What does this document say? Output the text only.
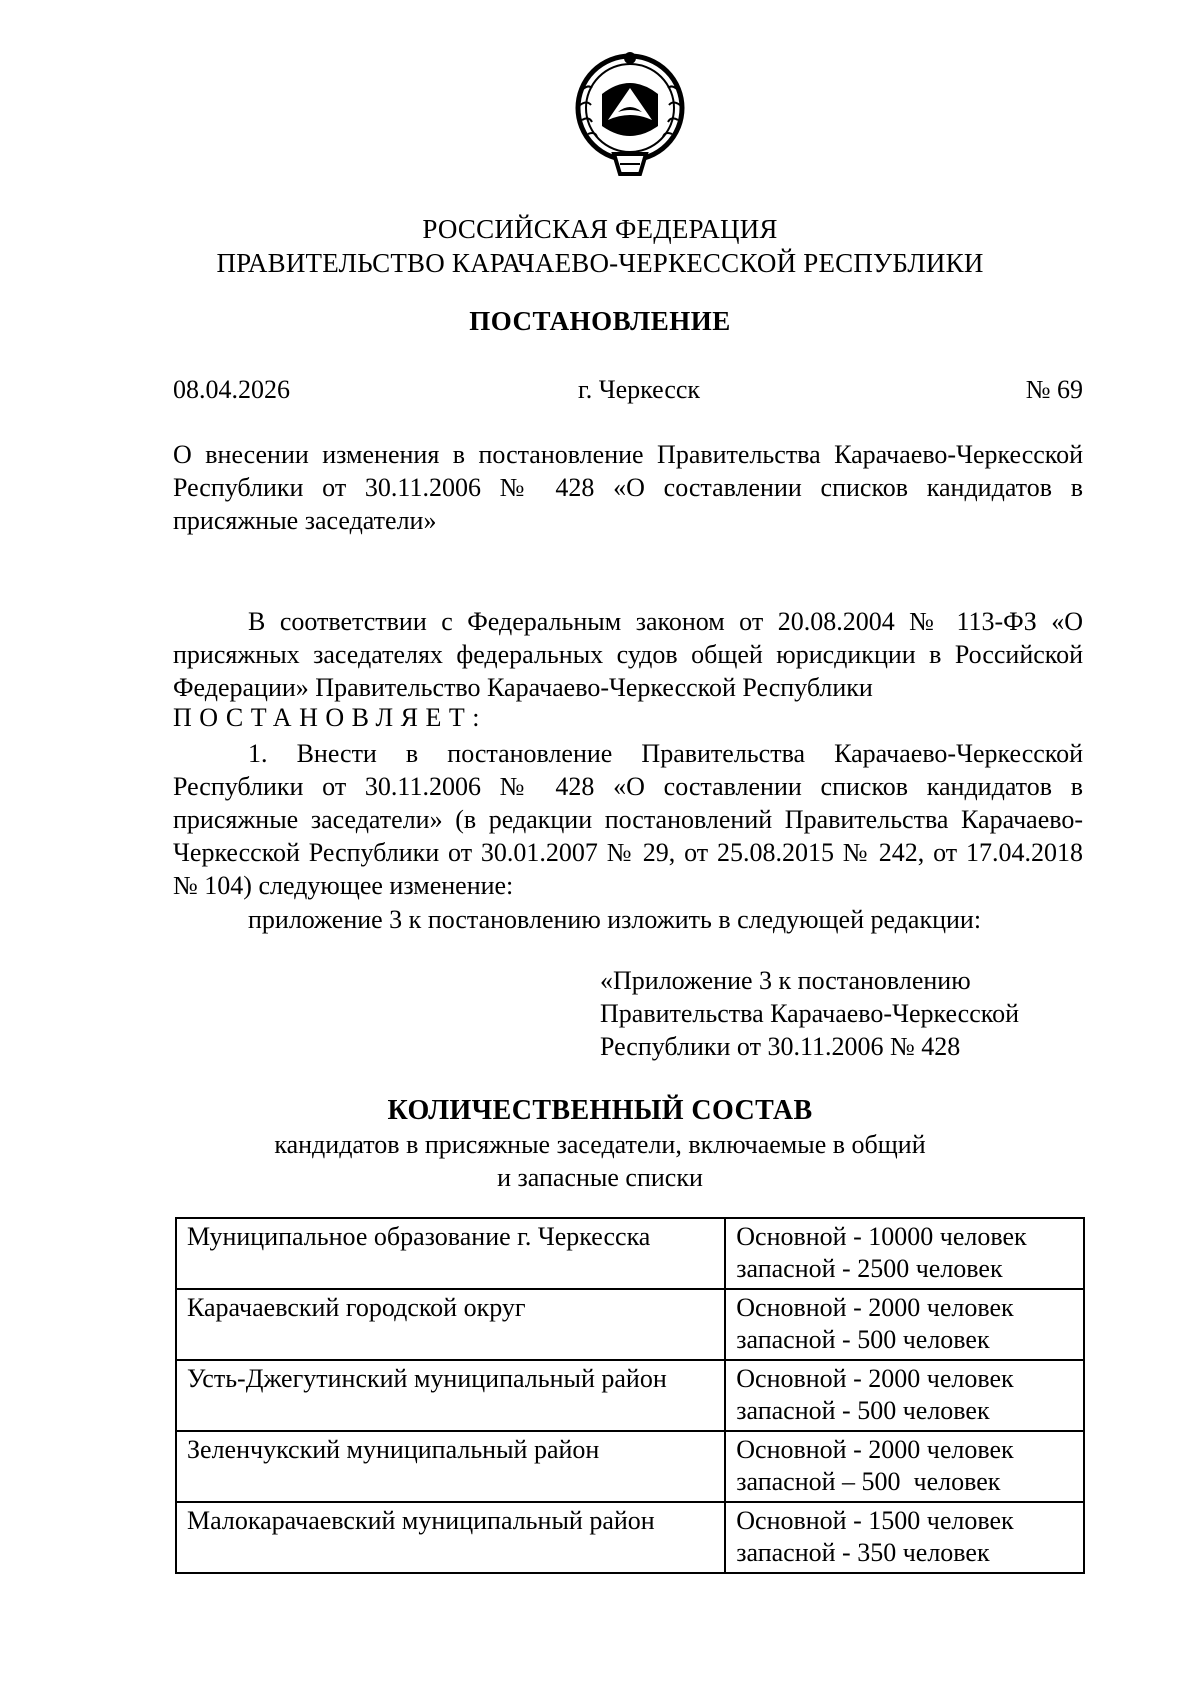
РОССИЙСКАЯ ФЕДЕРАЦИЯ
ПРАВИТЕЛЬСТВО КАРАЧАЕВО-ЧЕРКЕССКОЙ РЕСПУБЛИКИ
ПОСТАНОВЛЕНИЕ
08.04.2026	г. Черкесск	№ 69
О внесении изменения в постановление Правительства Карачаево-Черкесской Республики от 30.11.2006 № 428 «О составлении списков кандидатов в присяжные заседатели»
В соответствии с Федеральным законом от 20.08.2004 № 113-ФЗ «О присяжных заседателях федеральных судов общей юрисдикции в Российской Федерации» Правительство Карачаево-Черкесской Республики
ПОСТАНОВЛЯЕТ:
1. Внести в постановление Правительства Карачаево-Черкесской Республики от 30.11.2006 № 428 «О составлении списков кандидатов в присяжные заседатели» (в редакции постановлений Правительства Карачаево-Черкесской Республики от 30.01.2007 № 29, от 25.08.2015 № 242, от 17.04.2018 № 104) следующее изменение:
приложение 3 к постановлению изложить в следующей редакции:
«Приложение 3 к постановлению
Правительства Карачаево-Черкесской
Республики от 30.11.2006 № 428
КОЛИЧЕСТВЕННЫЙ СОСТАВ
кандидатов в присяжные заседатели, включаемые в общий
и запасные списки
Муниципальное образование г. Черкесска	Основной - 10000 человек
запасной - 2500 человек

Карачаевский городской округ	Основной - 2000 человек
запасной - 500 человек

Усть-Джегутинский муниципальный район	Основной - 2000 человек
запасной - 500 человек

Зеленчукский муниципальный район	Основной - 2000 человек
запасной – 500  человек

Малокарачаевский муниципальный район	Основной - 1500 человек
запасной - 350 человек
